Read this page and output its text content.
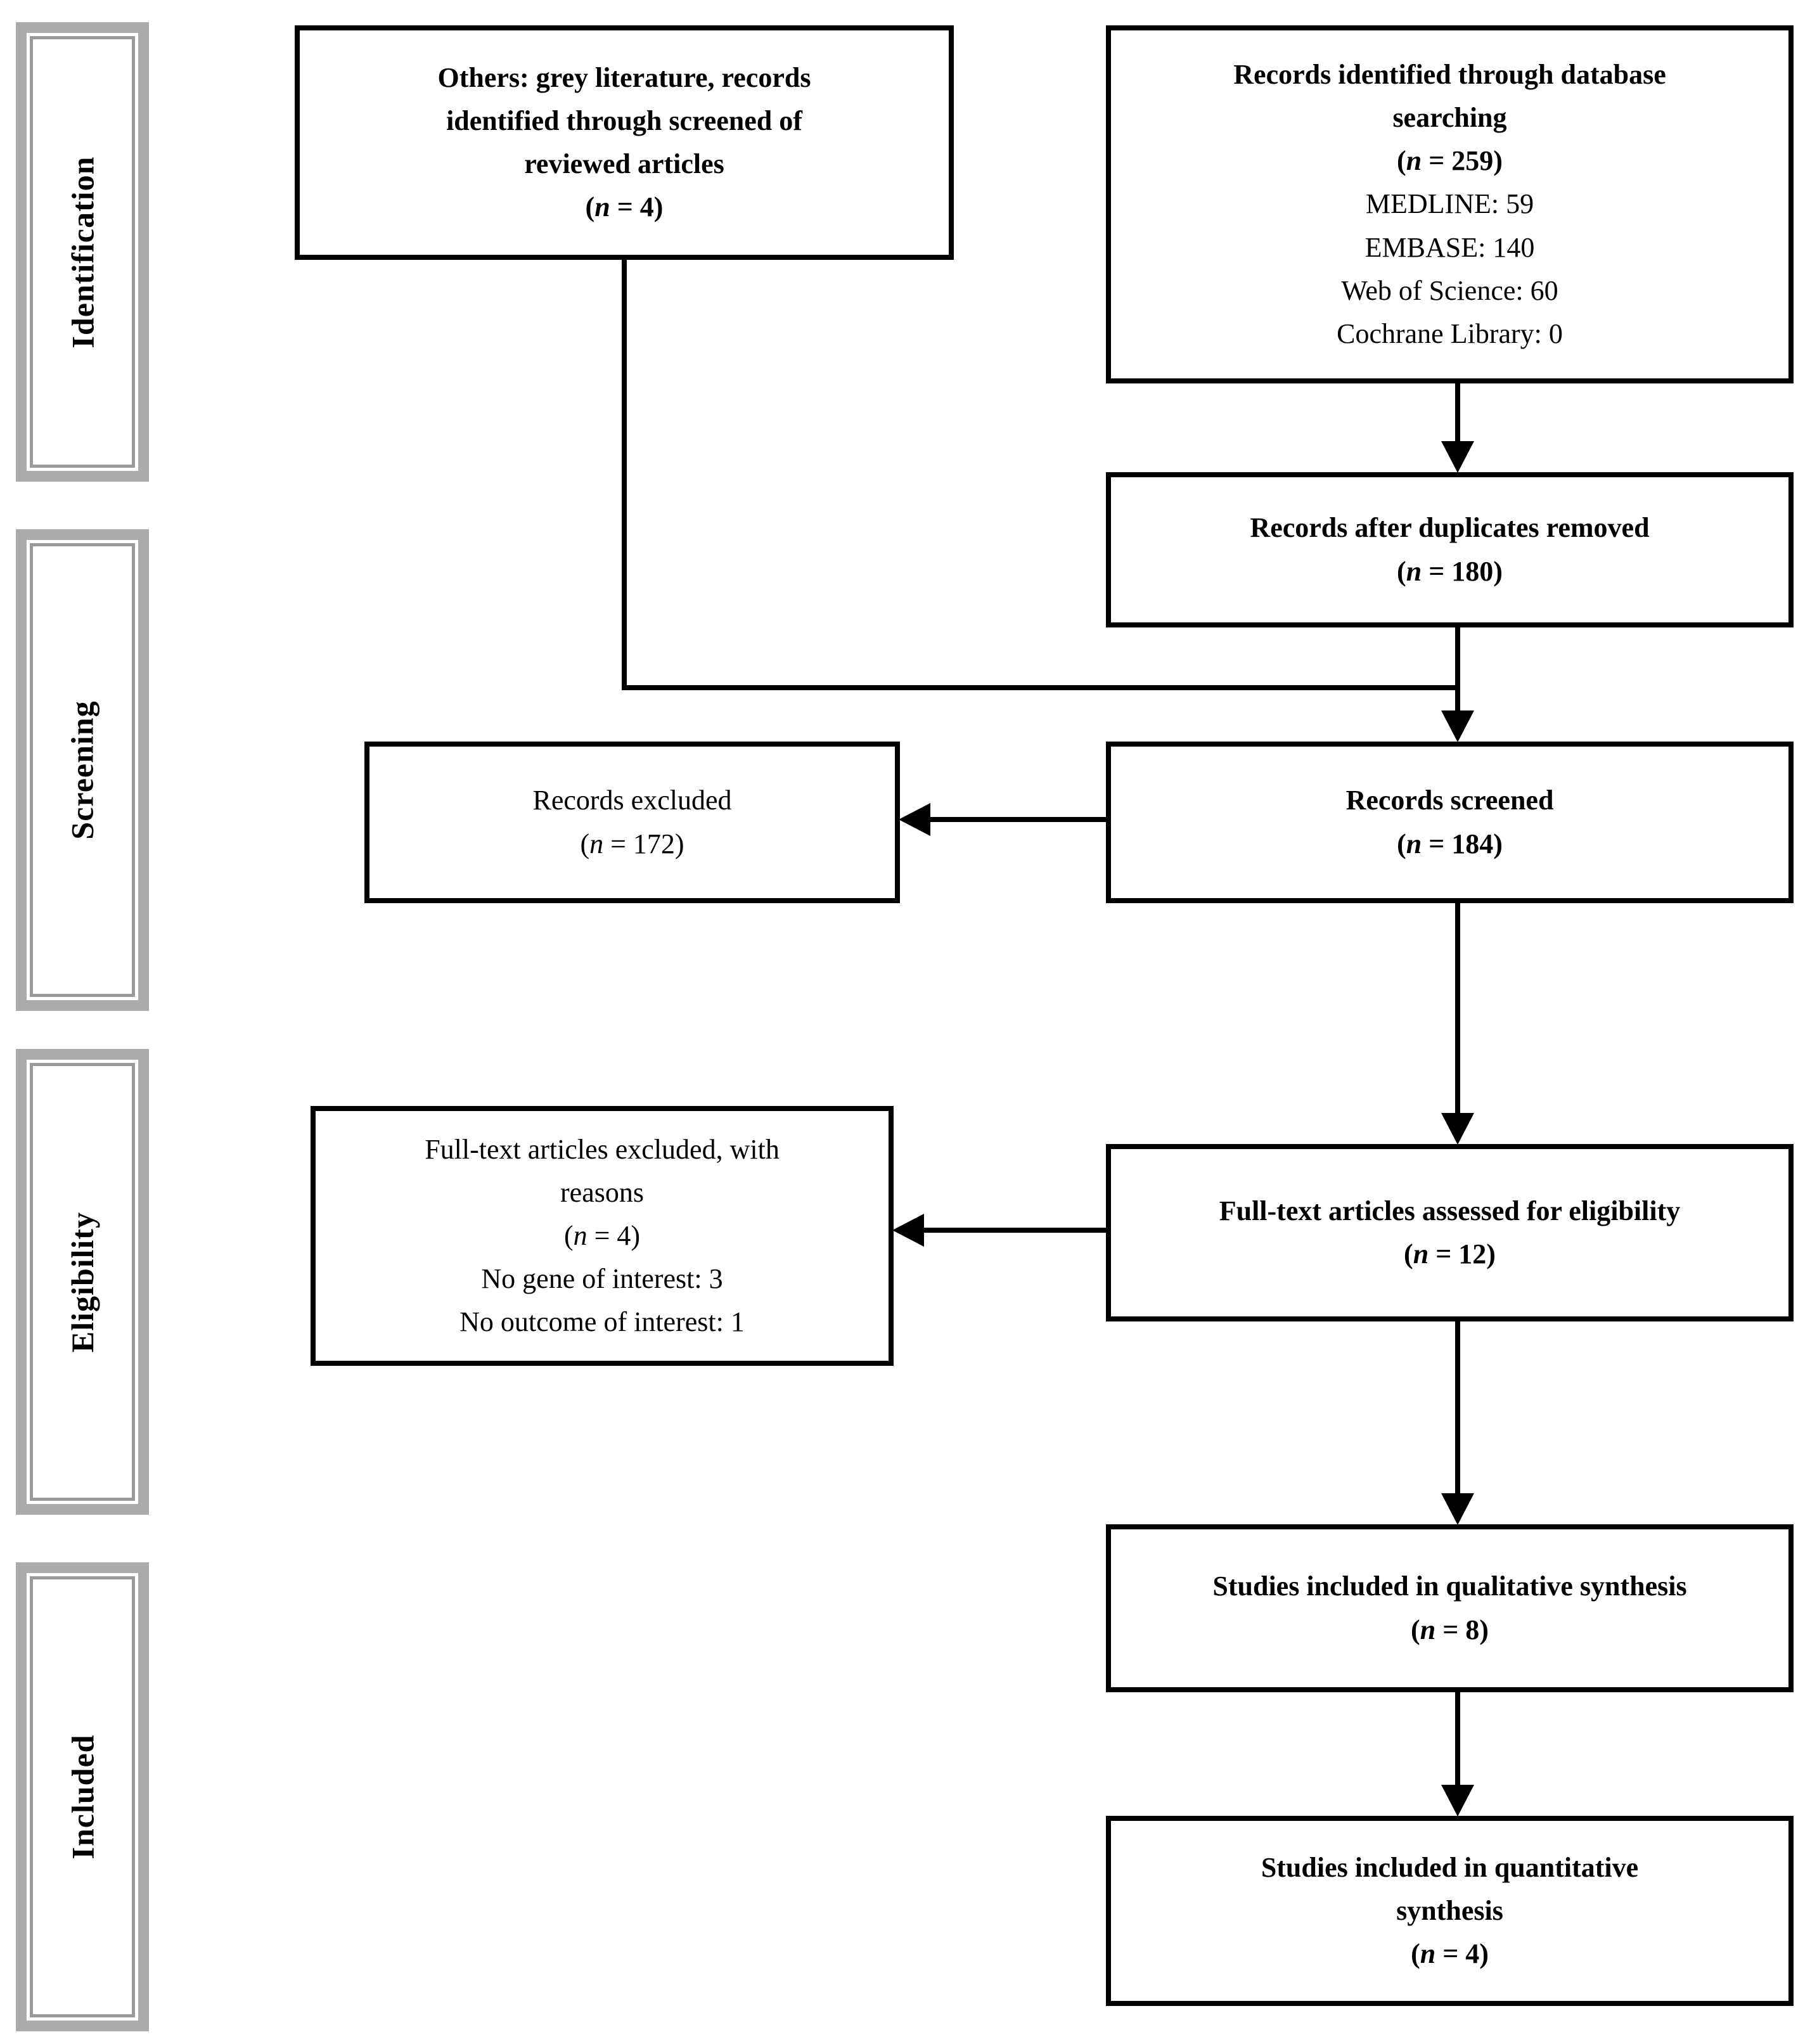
Identification
Screening
Eligibility
Included
Others: grey literature, records
identified through screened of
reviewed articles
(n = 4)
Records identified through database
searching
(n = 259)
MEDLINE: 59
EMBASE: 140
Web of Science: 60
Cochrane Library: 0
Records after duplicates removed
(n = 180)
Records excluded
(n = 172)
Records screened
(n = 184)
Full-text articles excluded, with
reasons
(n = 4)
No gene of interest: 3
No outcome of interest: 1
Full-text articles assessed for eligibility
(n = 12)
Studies included in qualitative synthesis
(n = 8)
Studies included in quantitative
synthesis
(n = 4)
